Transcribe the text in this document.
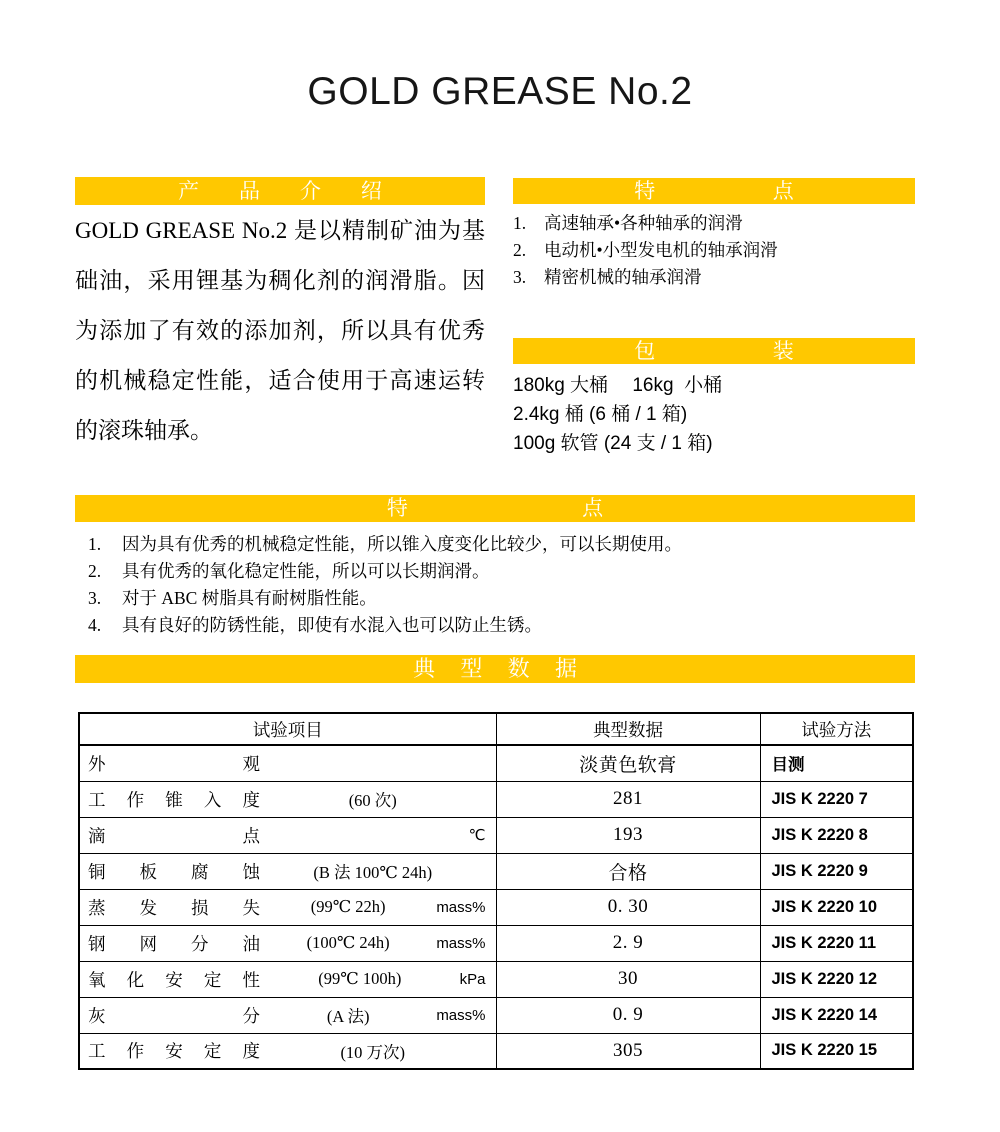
GOLD GREASE No.2
产品介绍

GOLD GREASE No.2 是以精制矿油为基础油，采用锂基为稠化剂的润滑脂。因为添加了有效的添加剂，所以具有优秀的机械稳定性能，适合使用于高速运转的滚珠轴承。

特点
1.	高速轴承•各种轴承的润滑
2.	电动机•小型发电机的轴承润滑
3.	精密机械的轴承润滑
包装
180kg 大桶　 16kg  小桶
2.4kg 桶 (6 桶 / 1 箱)
100g 软管 (24 支 / 1 箱)
特点
1.	因为具有优秀的机械稳定性能，所以锥入度变化比较少，可以长期使用。
2.	具有优秀的氧化稳定性能，所以可以长期润滑。
3.	对于 ABC 树脂具有耐树脂性能。
4.	具有良好的防锈性能，即使有水混入也可以防止生锈。
典型数据
试验项目	典型数据	试验方法

外 观	淡黄色软膏	目测

工 作 锥 入 度 (60 次)	281	JIS K 2220 7

滴 点 ℃	193	JIS K 2220 8

铜 板 腐 蚀 (B 法 100℃ 24h)	合格	JIS K 2220 9

蒸 发 损 失 (99℃ 22h) mass%	0. 30	JIS K 2220 10

钢 网 分 油 (100℃ 24h) mass%	2. 9	JIS K 2220 11

氧 化 安 定 性 (99℃ 100h) kPa	30	JIS K 2220 12

灰 分 (A 法) mass%	0. 9	JIS K 2220 14

工 作 安 定 度 (10 万次)	305	JIS K 2220 15
